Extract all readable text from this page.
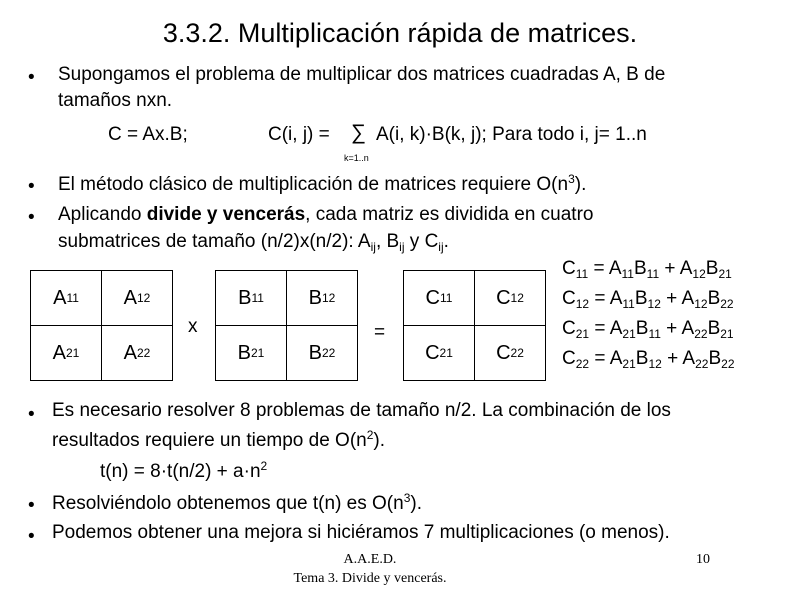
3.3.2. Multiplicación rápida de matrices.
• Supongamos el problema de multiplicar dos matrices cuadradas A, B de
tamaños nxn.
C = Ax.B;	C(i, j) = ∑ A(i, k)·B(k, j); Para todo i, j= 1..n
k=1..n
• El método clásico de multiplicación de matrices requiere $O(n^3)$.
• Aplicando divide y vencerás, cada matriz es dividida en cuatro
submatrices de tamaño (n/2)x(n/2): $A_{ij}$, $B_{ij}$ y $C_{ij}$.
A 11 A 12
A 21 A 22
x
B 11 B 12
B 21 B 22
=
C 11 C 12
C 21 C 22
$C_{11} = A_{11}B_{11} + A_{12}B_{21}$
$C_{12} = A_{11}B_{12} + A_{12}B_{22}$
$C_{21} = A_{21}B_{11} + A_{22}B_{21}$
$C_{22} = A_{21}B_{12} + A_{22}B_{22}$
• Es necesario resolver 8 problemas de tamaño n/2. La combinación de los
resultados requiere un tiempo de $O(n^2)$.
$t(n) = 8\cdot t(n/2) + a\cdot n^2$
• Resolviéndolo obtenemos que t(n) es $O(n^3)$.
• Podemos obtener una mejora si hiciéramos 7 multiplicaciones (o menos).
A.A.E.D.
Tema 3. Divide y vencerás.
10
